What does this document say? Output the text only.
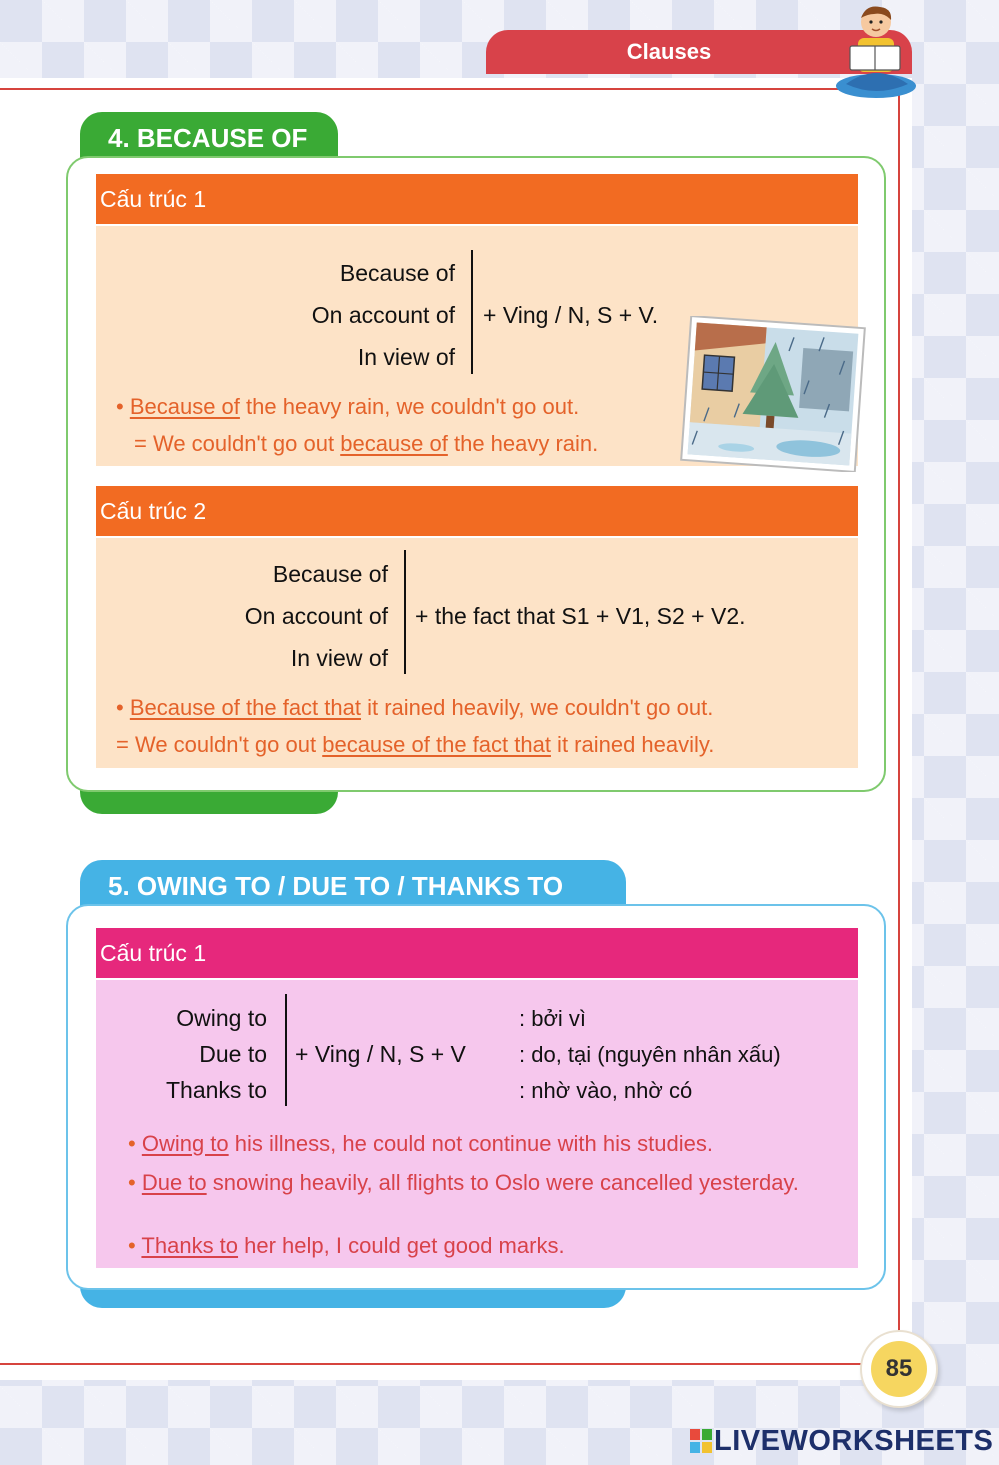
Clauses
4. BECAUSE OF
Cấu trúc 1
Because of
On account of
In view of
+ Ving / N, S + V.
• Because of the heavy rain, we couldn't go out.
= We couldn't go out because of the heavy rain.
Cấu trúc 2
Because of
On account of
In view of
+ the fact that S1 + V1, S2 + V2.
• Because of the fact that it rained heavily, we couldn't go out.
= We couldn't go out because of the fact that it rained heavily.
5. OWING TO / DUE TO / THANKS TO
Cấu trúc 1
Owing to
Due to
Thanks to
+ Ving / N, S + V
: bởi vì
: do, tại (nguyên nhân xấu)
: nhờ vào, nhờ có
• Owing to his illness, he could not continue with his studies.
• Due to snowing heavily, all flights to Oslo were cancelled yesterday.
• Thanks to her help, I could get good marks.
85
LIVEWORKSHEETS
